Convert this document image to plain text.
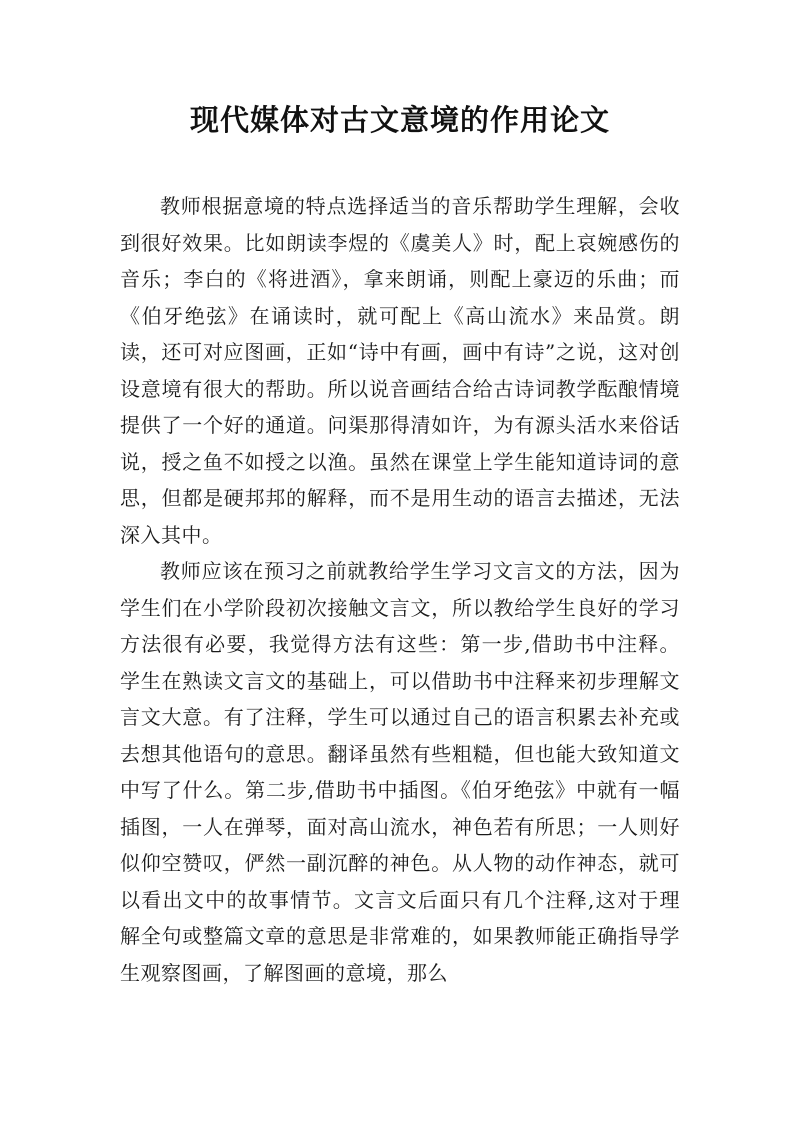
现代媒体对古文意境的作用论文

教师根据意境的特点选择适当的音乐帮助学生理解，会收到很好效果。比如朗读李煜的《虞美人》时，配上哀婉感伤的音乐；李白的《将进酒》，拿来朗诵，则配上豪迈的乐曲；而《伯牙绝弦》在诵读时，就可配上《高山流水》来品赏。朗读，还可对应图画，正如“诗中有画，画中有诗”之说，这对创设意境有很大的帮助。所以说音画结合给古诗词教学酝酿情境提供了一个好的通道。问渠那得清如许，为有源头活水来俗话说，授之鱼不如授之以渔。虽然在课堂上学生能知道诗词的意思，但都是硬邦邦的解释，而不是用生动的语言去描述，无法深入其中。

教师应该在预习之前就教给学生学习文言文的方法，因为学生们在小学阶段初次接触文言文，所以教给学生良好的学习方法很有必要，我觉得方法有这些：第一步,借助书中注释。学生在熟读文言文的基础上，可以借助书中注释来初步理解文言文大意。有了注释，学生可以通过自己的语言积累去补充或去想其他语句的意思。翻译虽然有些粗糙，但也能大致知道文中写了什么。第二步,借助书中插图。《伯牙绝弦》中就有一幅插图，一人在弹琴，面对高山流水，神色若有所思；一人则好似仰空赞叹，俨然一副沉醉的神色。从人物的动作神态，就可以看出文中的故事情节。文言文后面只有几个注释,这对于理解全句或整篇文章的意思是非常难的，如果教师能正确指导学生观察图画，了解图画的意境，那么
